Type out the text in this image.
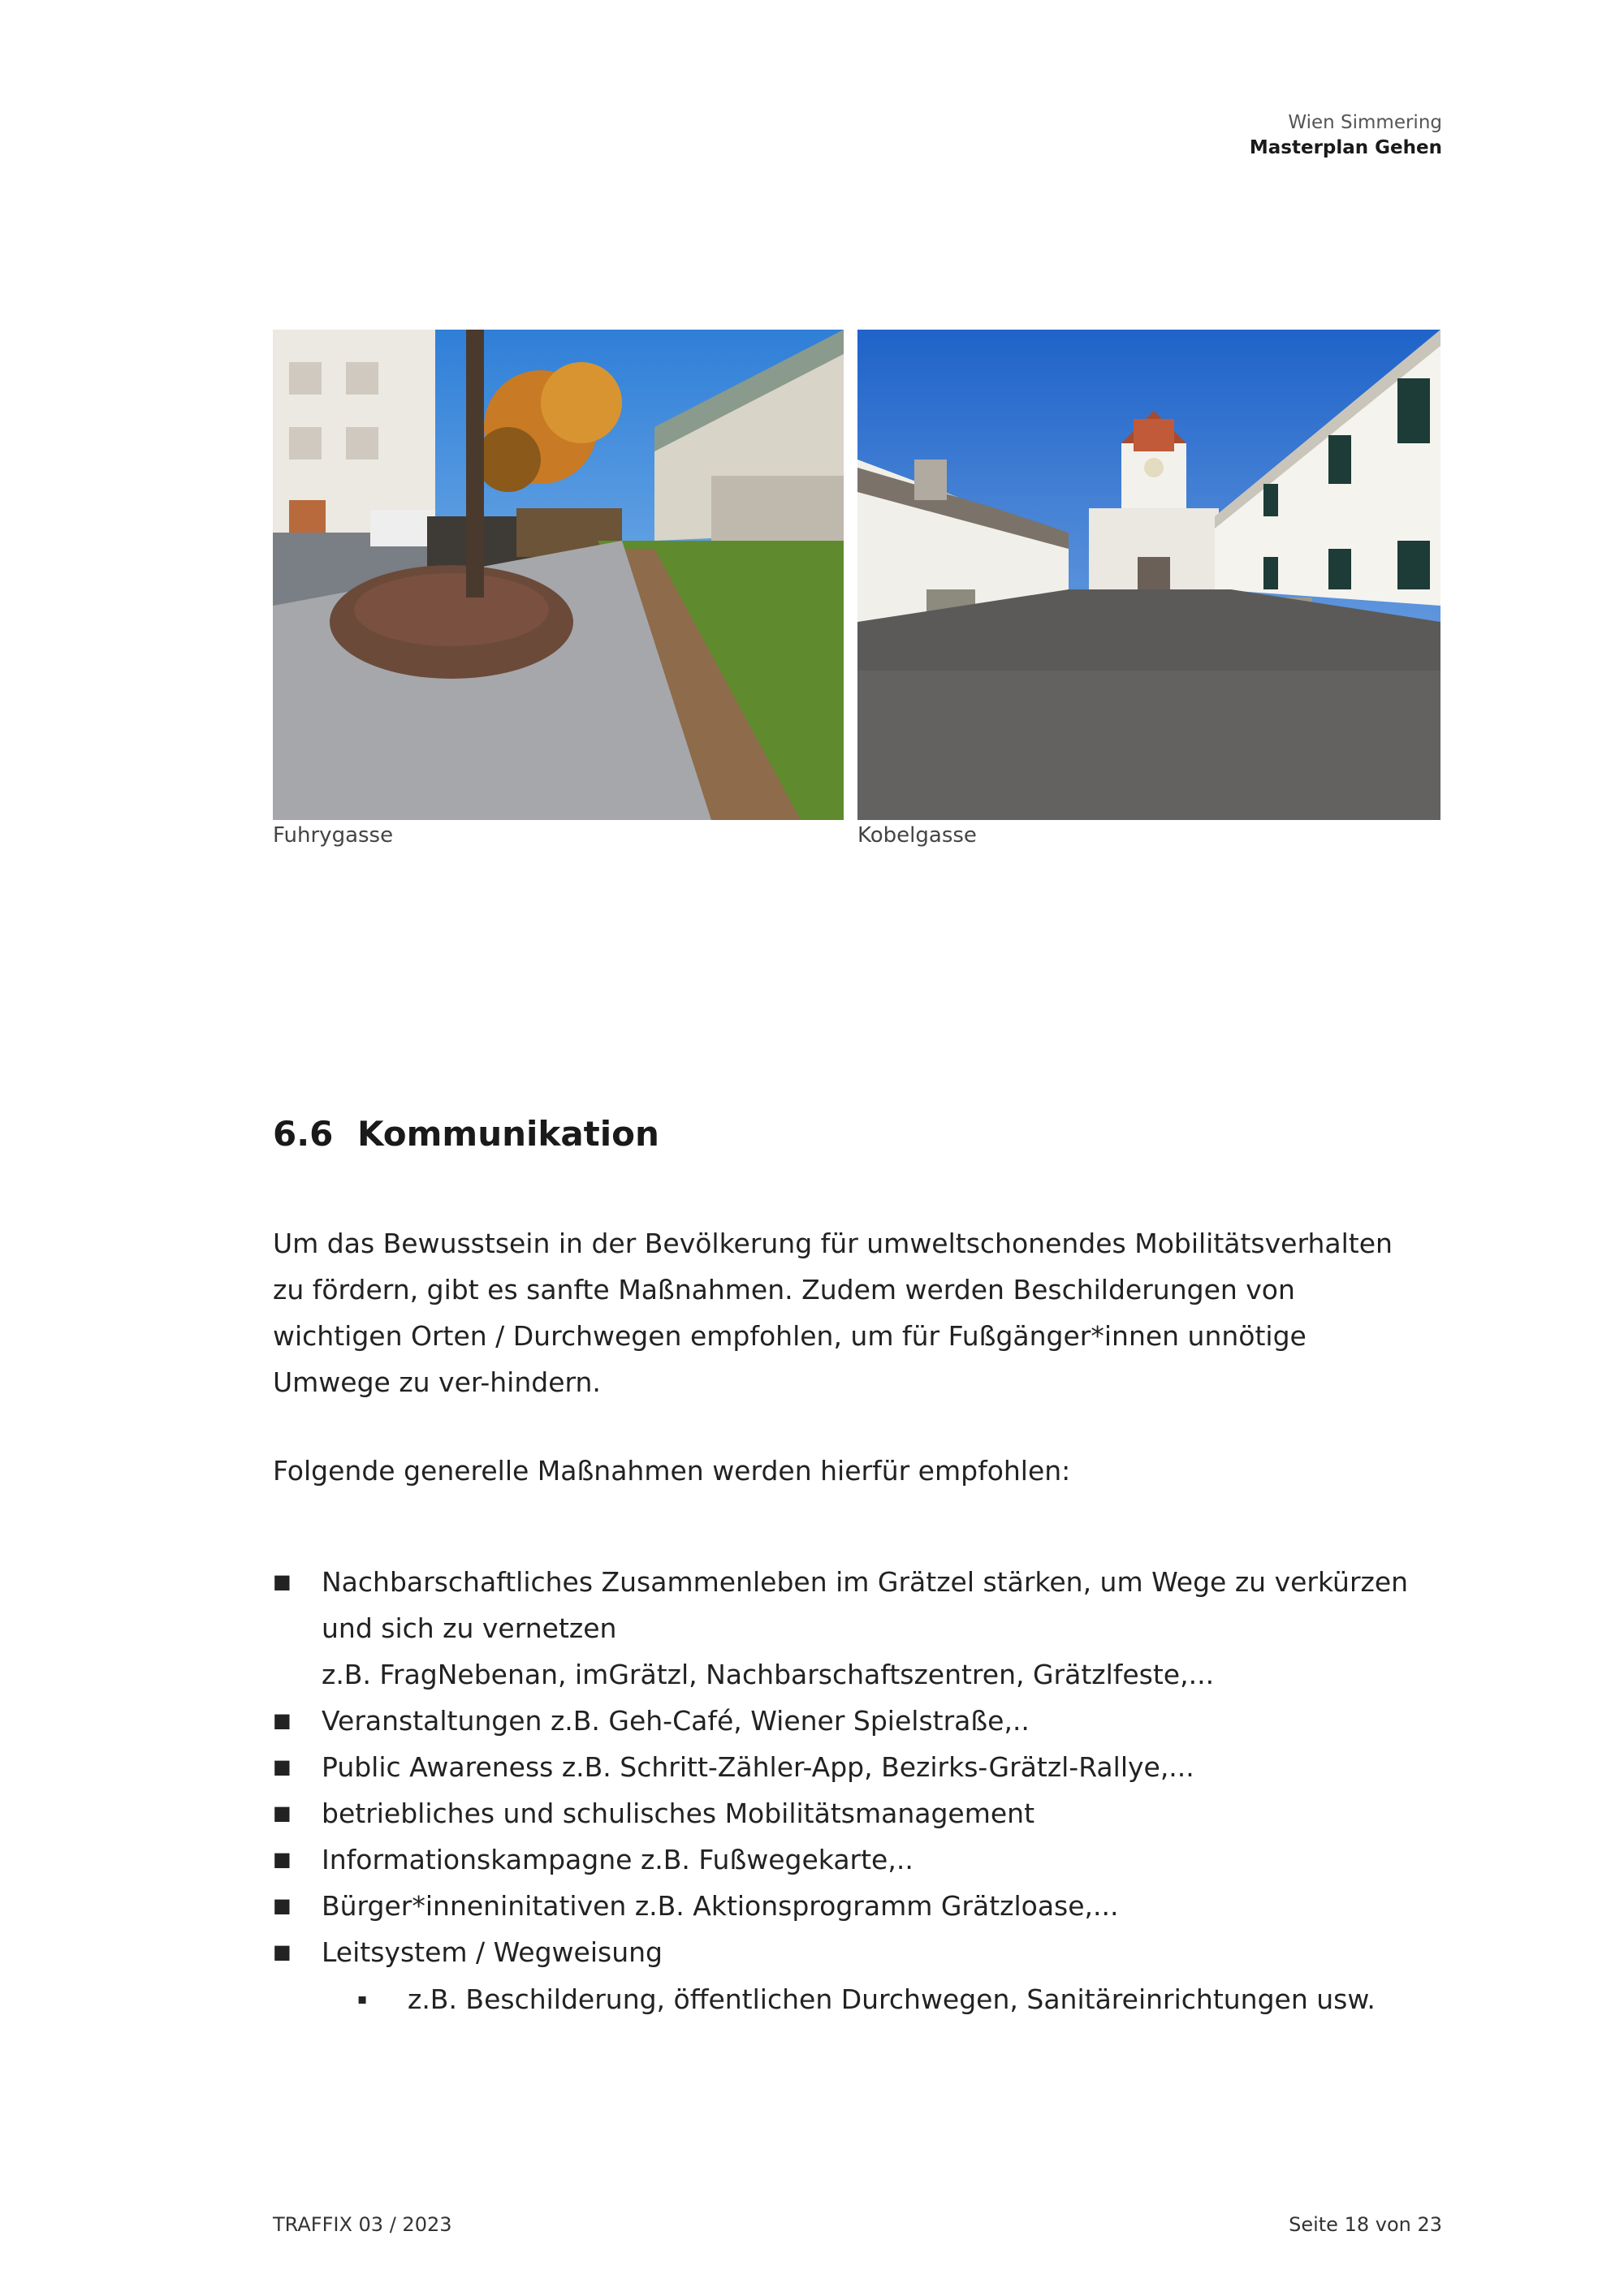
Wien Simmering
Masterplan Gehen
Fuhrygasse	Kobelgasse
6.6 Kommunikation

Um das Bewusstsein in der Bevölkerung für umweltschonendes Mobilitätsverhalten zu fördern, gibt es sanfte Maßnahmen. Zudem werden Beschilderungen von wichtigen Orten / Durchwegen empfohlen, um für Fußgänger*innen unnötige Umwege zu ver-hindern.

Folgende generelle Maßnahmen werden hierfür empfohlen:

■ Nachbarschaftliches Zusammenleben im Grätzel stärken, um Wege zu verkürzen und sich zu vernetzen
z.B. FragNebenan, imGrätzl, Nachbarschaftszentren, Grätzlfeste,...
■ Veranstaltungen z.B. Geh-Café, Wiener Spielstraße,..
■ Public Awareness z.B. Schritt-Zähler-App, Bezirks-Grätzl-Rallye,...
■ betriebliches und schulisches Mobilitätsmanagement
■ Informationskampagne z.B. Fußwegekarte,..
■ Bürger*inneninitativen z.B. Aktionsprogramm Grätzloase,...
■ Leitsystem / Wegweisung
▪ z.B. Beschilderung, öffentlichen Durchwegen, Sanitäreinrichtungen usw.
TRAFFIX 03 / 2023	Seite 18 von 23
